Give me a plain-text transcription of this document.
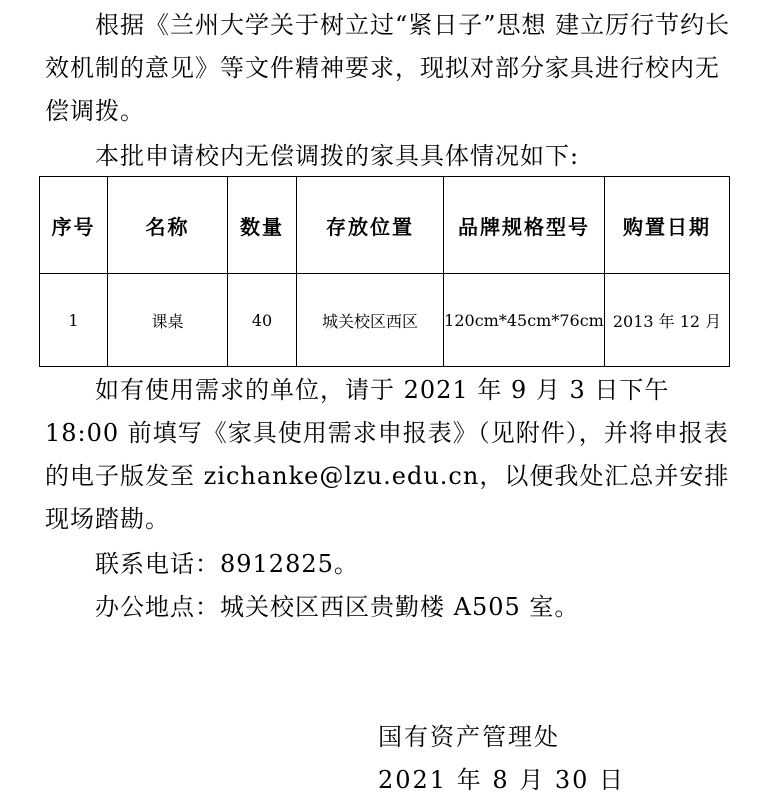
根据《兰州大学关于树立过“紧日子”思想 建立厉行节约长效机制的意见》等文件精神要求，现拟对部分家具进行校内无偿调拨。

本批申请校内无偿调拨的家具具体情况如下:

序号	名称	数量	存放位置	品牌规格型号	购置日期
1	课桌	40	城关校区西区	120cm*45cm*76cm	2013 年 12 月

如有使用需求的单位，请于 2021 年 9 月 3 日下午 18:00 前填写《家具使用需求申报表》（见附件），并将申报表的电子版发至 zichanke@lzu.edu.cn，以便我处汇总并安排现场踏勘。

联系电话：8912825。

办公地点：城关校区西区贵勤楼 A505 室。

国有资产管理处
2021 年 8 月 30 日
